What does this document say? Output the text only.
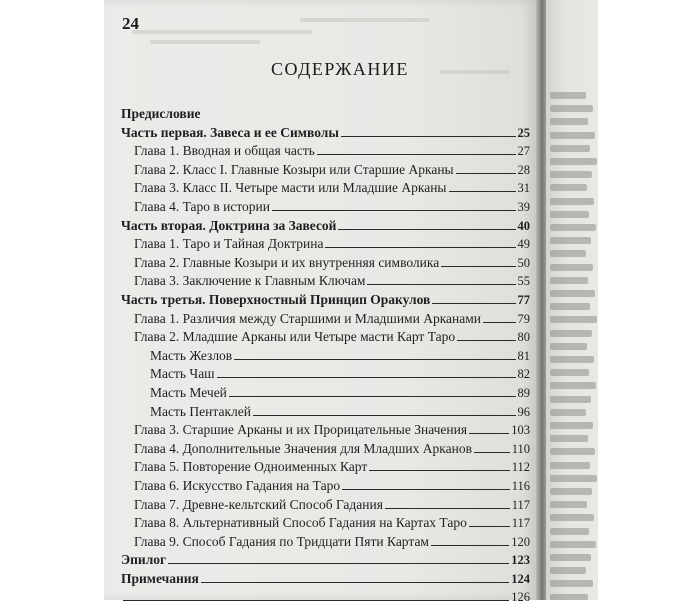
24
СОДЕРЖАНИЕ
Предисловие
Часть первая. Завеса и ее Символы	25
Глава 1. Вводная и общая часть	27
Глава 2. Класс I. Главные Козыри или Старшие Арканы	28
Глава 3. Класс II. Четыре масти или Младшие Арканы	31
Глава 4. Таро в истории	39
Часть вторая. Доктрина за Завесой	40
Глава 1. Таро и Тайная Доктрина	49
Глава 2. Главные Козыри и их внутренняя символика	50
Глава 3. Заключение к Главным Ключам	55
Часть третья. Поверхностный Принцип Оракулов	77
Глава 1. Различия между Старшими и Младшими Арканами	79
Глава 2. Младшие Арканы или Четыре масти Карт Таро	80
Масть Жезлов	81
Масть Чаш	82
Масть Мечей	89
Масть Пентаклей	96
Глава 3. Старшие Арканы и их Прорицательные Значения	103
Глава 4. Дополнительные Значения для Младших Арканов	110
Глава 5. Повторение Одноименных Карт	112
Глава 6. Искусство Гадания на Таро	116
Глава 7. Древне-кельтский Способ Гадания	117
Глава 8. Альтернативный Способ Гадания на Картах Таро	117
Глава 9. Способ Гадания по Тридцати Пяти Картам	120
Эпилог	123
Примечания	124
126
